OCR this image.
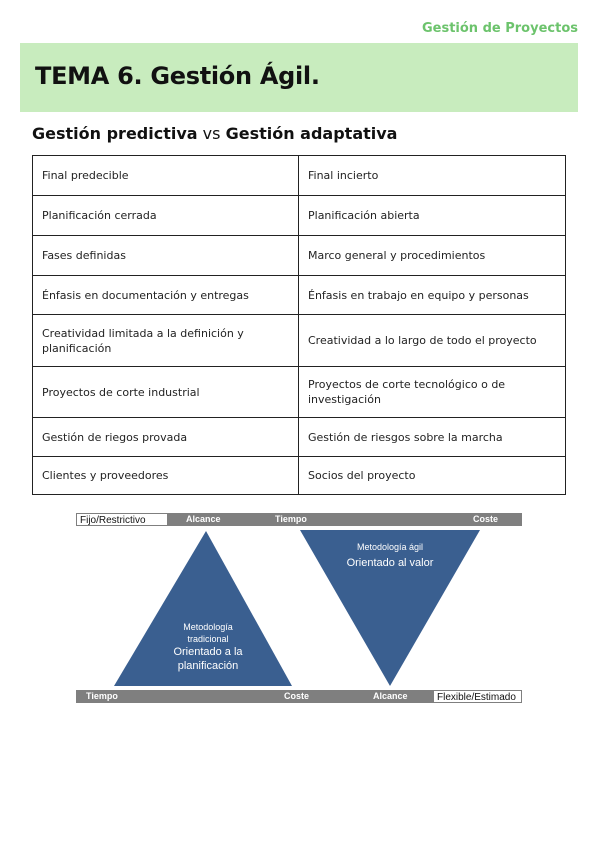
Gestión de Proyectos
TEMA 6. Gestión Ágil.

Gestión predictiva vs Gestión adaptativa

Final predecible	Final incierto
Planificación cerrada	Planificación abierta
Fases definidas	Marco general y procedimientos
Énfasis en documentación y entregas	Énfasis en trabajo en equipo y personas
Creatividad limitada a la definición y planificación	Creatividad a lo largo de todo el proyecto
Proyectos de corte industrial	Proyectos de corte tecnológico o de investigación
Gestión de riegos provada	Gestión de riesgos sobre la marcha
Clientes y proveedores	Socios del proyecto
Fijo/Restrictivo	Alcance	Tiempo	Coste
Metodología
tradicional
Orientado a la
planificación
Metodología ágil
Orientado al valor
Tiempo	Coste	Alcance	Flexible/Estimado
